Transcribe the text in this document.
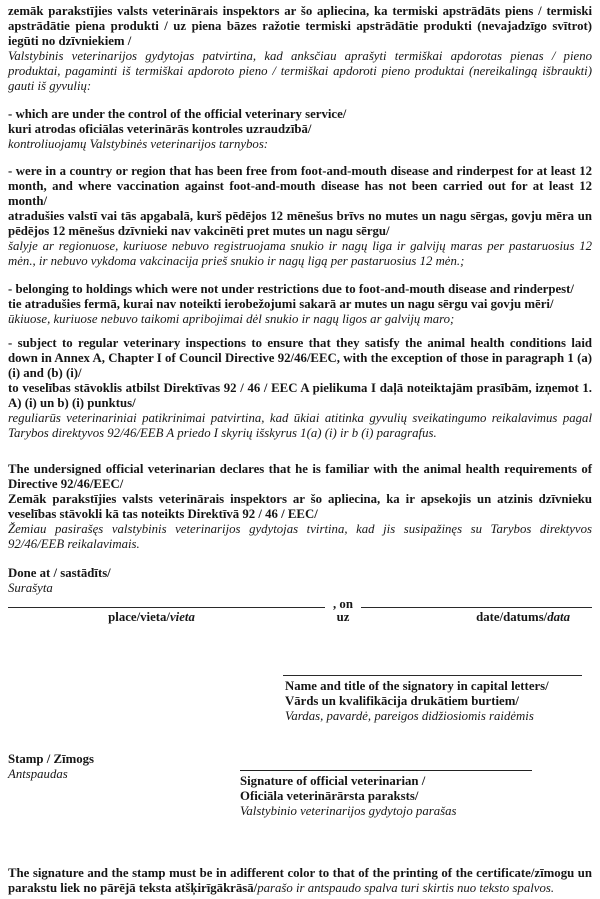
zemāk parakstījies valsts veterinārais inspektors ar šo apliecina, ka termiski apstrādāts piens / termiski apstrādātie piena produkti / uz piena bāzes ražotie termiski apstrādātie produkti (nevajadzīgo svītrot) iegūti no dzīvniekiem /

Valstybinis veterinarijos gydytojas patvirtina, kad anksčiau aprašyti termiškai apdorotas pienas / pieno produktai, pagaminti iš termiškai apdoroto pieno / termiškai apdoroti pieno produktai (nereikalingą išbraukti) gauti iš gyvulių:

- which are under the control of the official veterinary service/

kuri atrodas oficiālas veterinārās kontroles uzraudzībā/

kontroliuojamų Valstybinės veterinarijos tarnybos:

- were in a country or region that has been free from foot-and-mouth disease and rinderpest for at least 12 month, and where vaccination against foot-and-mouth disease has not been carried out for at least 12 month/

atradušies valstī vai tās apgabalā, kurš pēdējos 12 mēnešus brīvs no mutes un nagu sērgas, govju mēra un pēdējos 12 mēnešus dzīvnieki nav vakcinēti pret mutes un nagu sērgu/

šalyje ar regionuose, kuriuose nebuvo registruojama snukio ir nagų liga ir galvijų maras per pastaruosius 12 mėn., ir nebuvo vykdoma vakcinacija prieš snukio ir nagų ligą per pastaruosius 12 mėn.;

- belonging to holdings which were not under restrictions due to foot-and-mouth disease and rinderpest/

tie atradušies fermā, kurai nav noteikti ierobežojumi sakarā ar mutes un nagu sērgu vai govju mēri/

ūkiuose, kuriuose nebuvo taikomi apribojimai dėl snukio ir nagų ligos ar galvijų maro;

- subject to regular veterinary inspections to ensure that they satisfy the animal health conditions laid down in Annex A, Chapter I of Council Directive 92/46/EEC, with the exception of those in paragraph 1 (a) (i) and (b) (i)/

to veselības stāvoklis atbilst Direktīvas 92 / 46 / EEC A pielikuma I daļā noteiktajām prasībām, izņemot 1. A) (i) un b) (i) punktus/

reguliarūs veterinariniai patikrinimai patvirtina, kad ūkiai atitinka gyvulių sveikatingumo reikalavimus pagal Tarybos direktyvos 92/46/EEB A priedo I skyrių išskyrus 1(a) (i) ir b (i) paragrafus.

The undersigned official veterinarian declares that he is familiar with the animal health requirements of Directive 92/46/EEC/

Zemāk parakstījies valsts veterinārais inspektors ar šo apliecina, ka ir apsekojis un atzinis dzīvnieku veselības stāvokli kā tas noteikts Direktīvā 92 / 46 / EEC/

Žemiau pasirašęs valstybinis veterinarijos gydytojas tvirtina, kad jis susipažinęs su Tarybos direktyvos 92/46/EEB reikalavimais.

Done at / sastādīts/

Surašyta

, on
place/vieta/vieta	uz	date/datums/data

Name and title of the signatory in capital letters/

Vārds un kvalifikācija drukātiem burtiem/

Vardas, pavardė, pareigos didžiosiomis raidėmis

Stamp / Zīmogs

Antspaudas	Signature of official veterinarian /

Oficiāla veterinārārsta paraksts/

Valstybinio veterinarijos gydytojo parašas

The signature and the stamp must be in adifferent color to that of the printing of the certificate/zīmogu un parakstu liek no pārējā teksta atšķirīgākrāsā/parašo ir antspaudo spalva turi skirtis nuo teksto spalvos.
